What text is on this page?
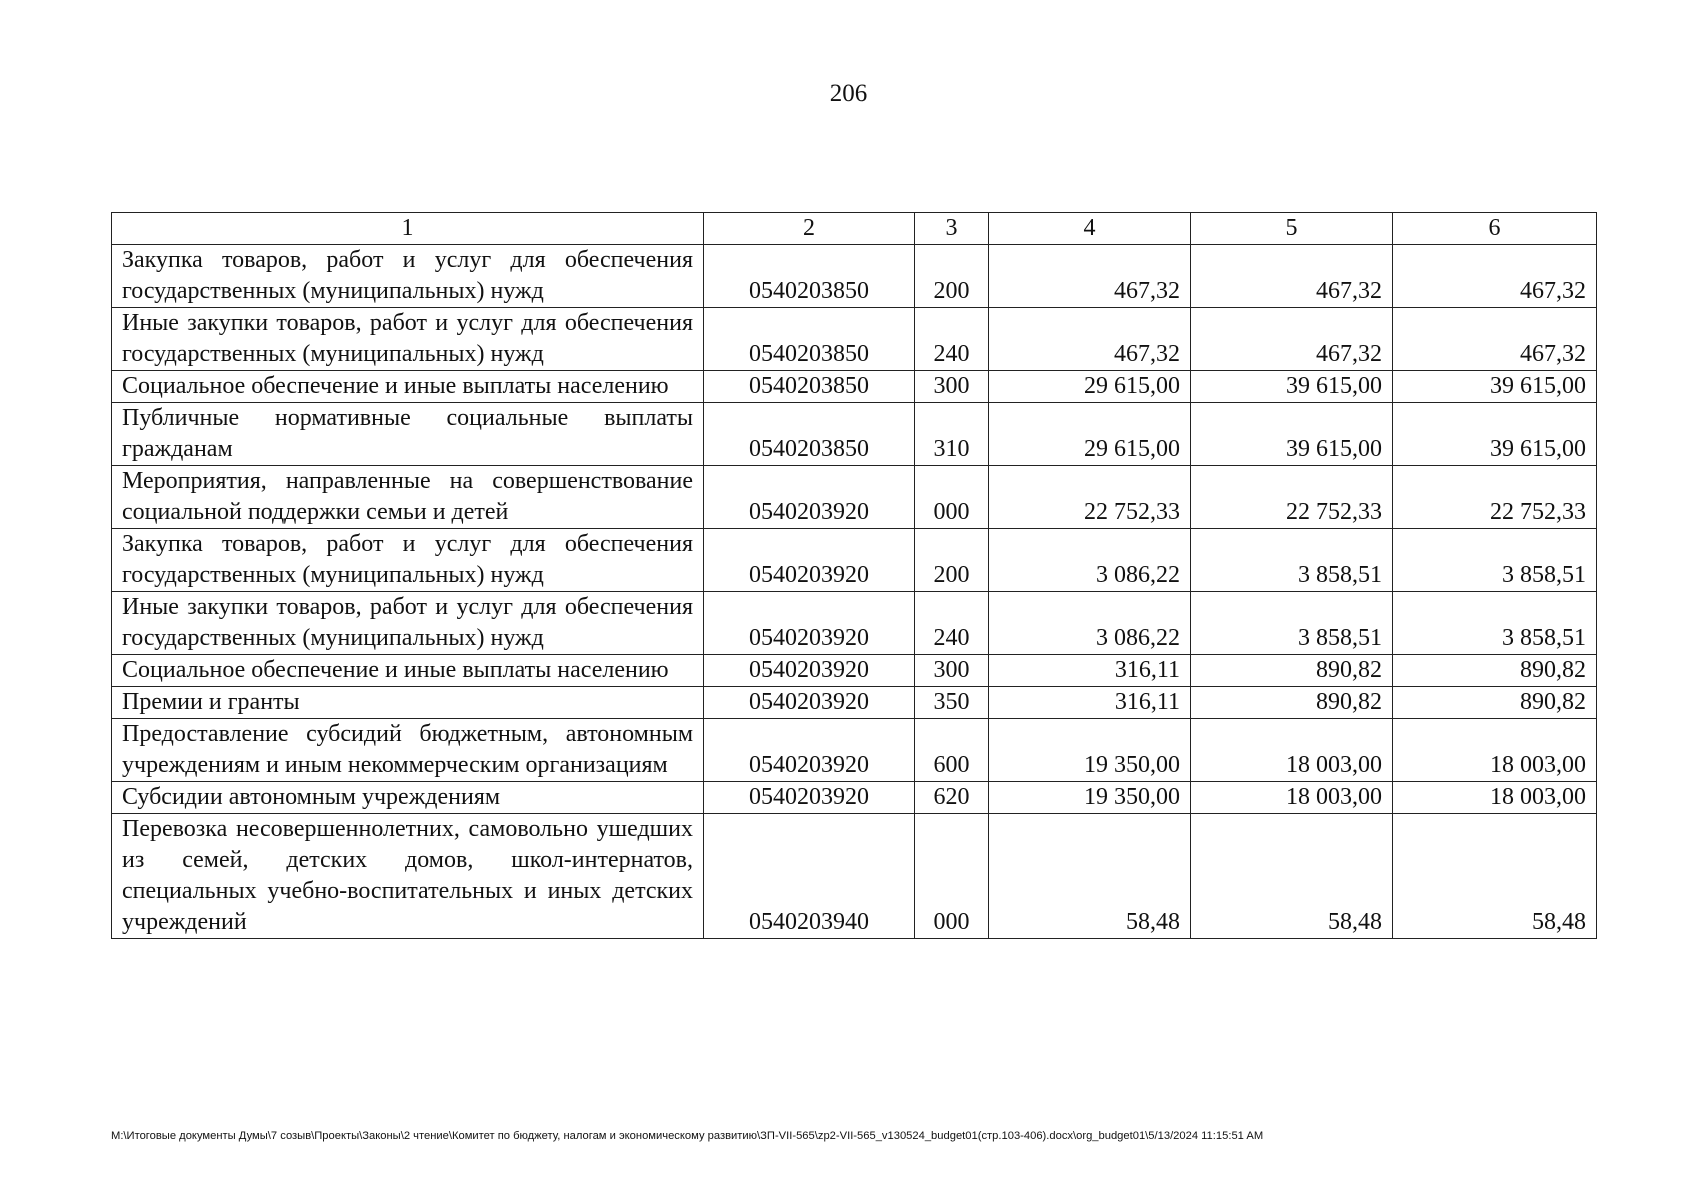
206
1	2	3	4	5	6
Закупка товаров, работ и услуг для обеспечения государственных (муниципальных) нужд	0540203850	200	467,32	467,32	467,32
Иные закупки товаров, работ и услуг для обеспечения государственных (муниципальных) нужд	0540203850	240	467,32	467,32	467,32
Социальное обеспечение и иные выплаты населению	0540203850	300	29 615,00	39 615,00	39 615,00
Публичные нормативные социальные выплаты гражданам	0540203850	310	29 615,00	39 615,00	39 615,00
Мероприятия, направленные на совершенствование социальной поддержки семьи и детей	0540203920	000	22 752,33	22 752,33	22 752,33
Закупка товаров, работ и услуг для обеспечения государственных (муниципальных) нужд	0540203920	200	3 086,22	3 858,51	3 858,51
Иные закупки товаров, работ и услуг для обеспечения государственных (муниципальных) нужд	0540203920	240	3 086,22	3 858,51	3 858,51
Социальное обеспечение и иные выплаты населению	0540203920	300	316,11	890,82	890,82
Премии и гранты	0540203920	350	316,11	890,82	890,82
Предоставление субсидий бюджетным, автономным учреждениям и иным некоммерческим организациям	0540203920	600	19 350,00	18 003,00	18 003,00
Субсидии автономным учреждениям	0540203920	620	19 350,00	18 003,00	18 003,00
Перевозка несовершеннолетних, самовольно ушедших из семей, детских домов, школ-интернатов, специальных учебно-воспитательных и иных детских учреждений	0540203940	000	58,48	58,48	58,48
M:\Итоговые документы Думы\7 созыв\Проекты\Законы\2 чтение\Комитет по бюджету, налогам и экономическому развитию\ЗП-VII-565\zp2-VII-565_v130524_budget01(стр.103-406).docx\org_budget01\5/13/2024 11:15:51 AM
